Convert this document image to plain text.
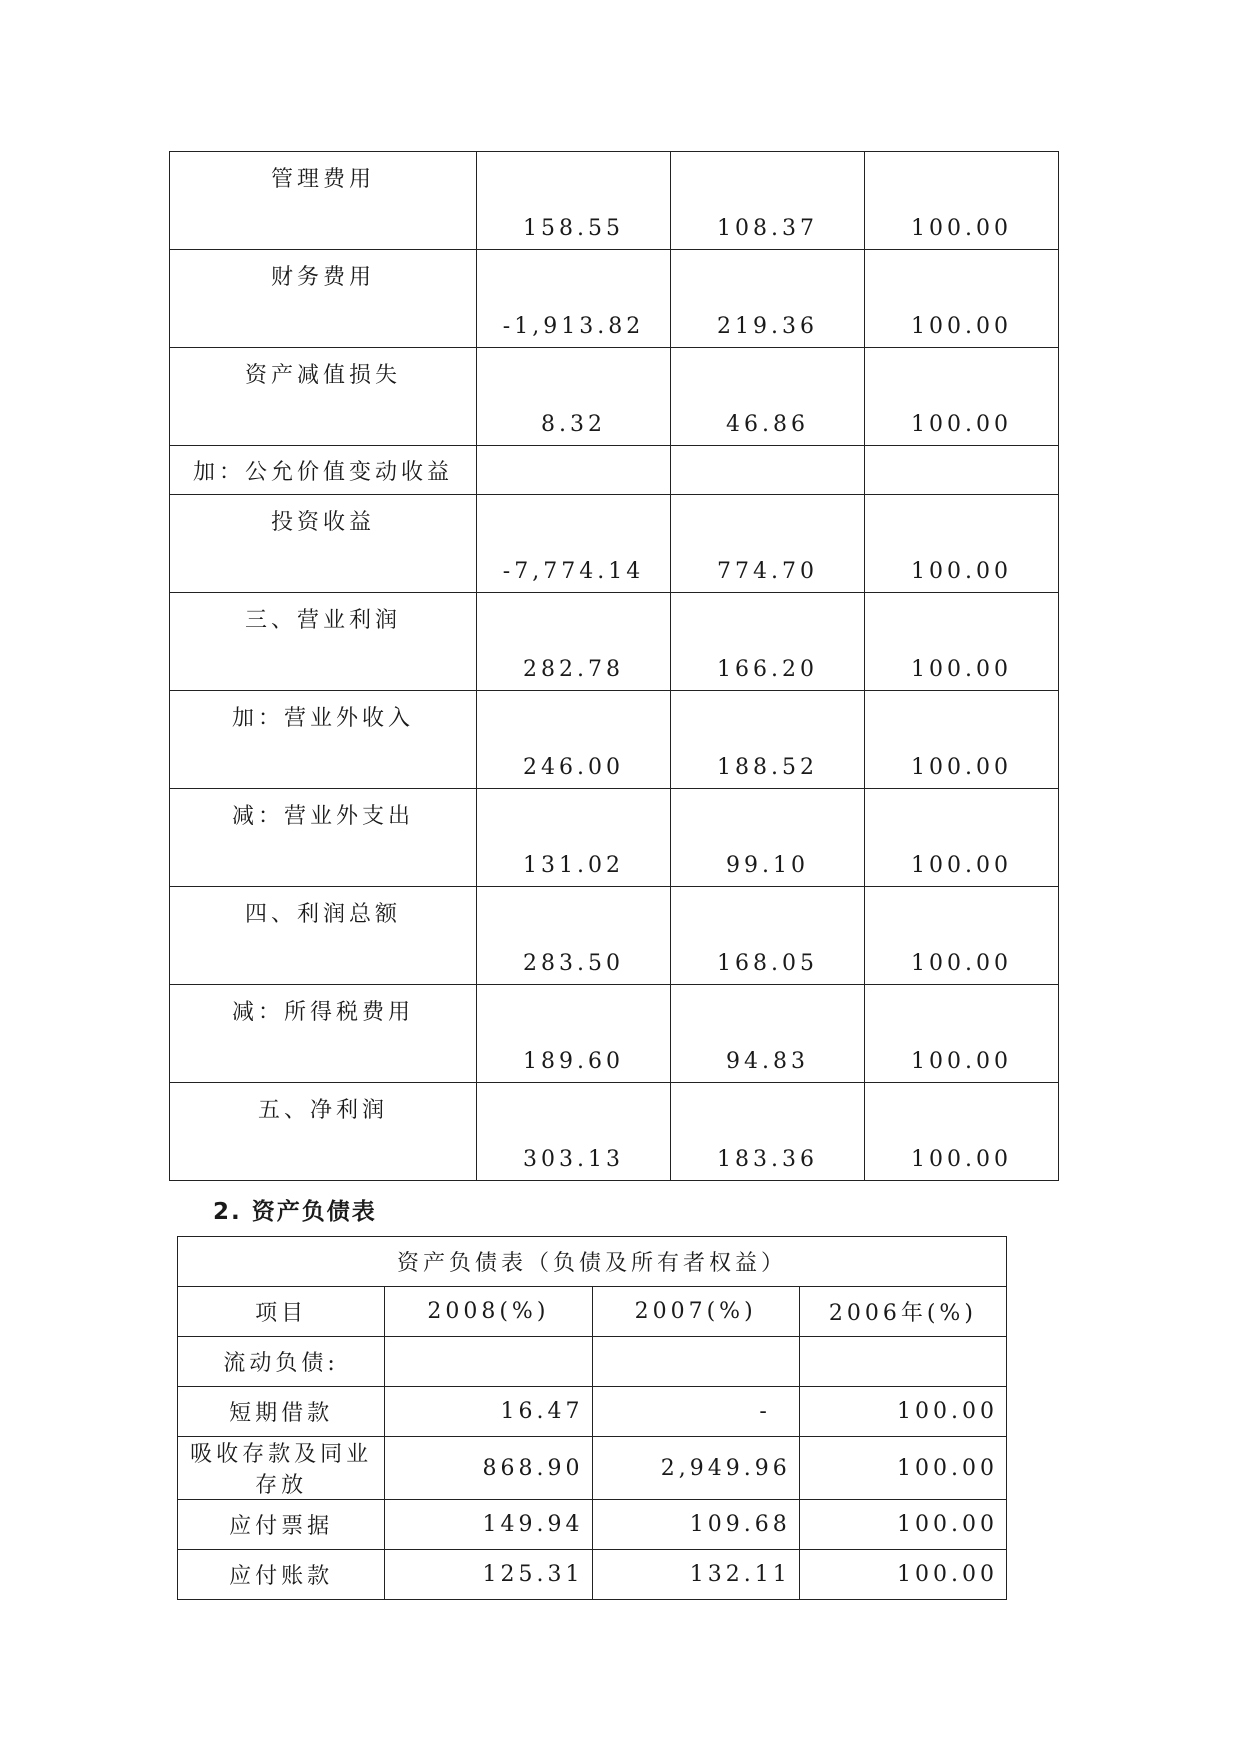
管理费用	158.55	108.37	100.00
财务费用	-1,913.82	219.36	100.00
资产减值损失	8.32	46.86	100.00
加：公允价值变动收益			
投资收益	-7,774.14	774.70	100.00
三、营业利润	282.78	166.20	100.00
加：营业外收入	246.00	188.52	100.00
减：营业外支出	131.02	99.10	100.00
四、利润总额	283.50	168.05	100.00
减：所得税费用	189.60	94.83	100.00
五、净利润	303.13	183.36	100.00
2. 资产负债表
资产负债表（负债及所有者权益）			
项目	2008(%)	2007(%)	2006年(%)
流动负债:			
短期借款	16.47	-	100.00
吸收存款及同业存放	868.90	2,949.96	100.00
应付票据	149.94	109.68	100.00
应付账款	125.31	132.11	100.00
